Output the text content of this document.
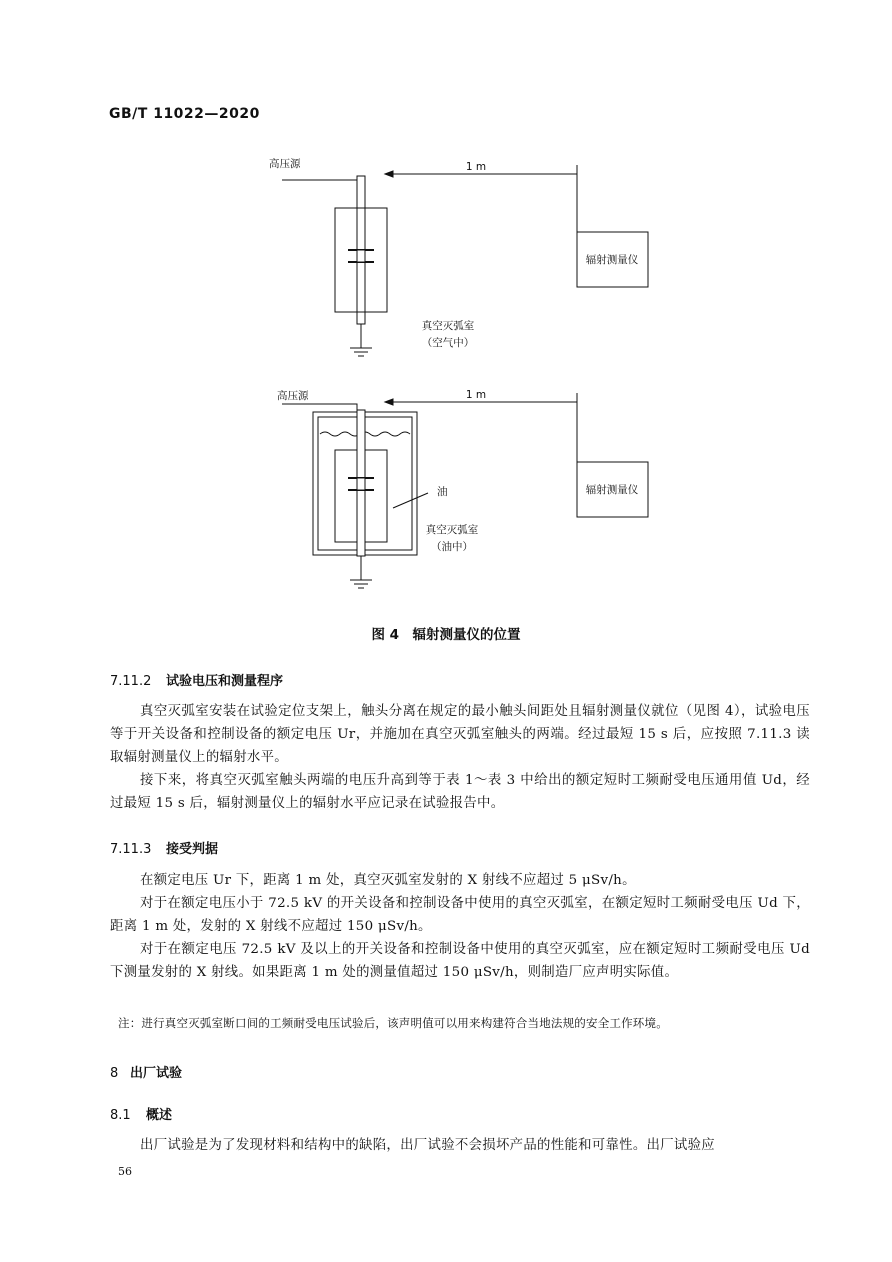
GB/T 11022—2020
高压源	1 m
辐射测量仪
真空灭弧室
（空气中）
高压源	1 m
辐射测量仪
油
真空灭弧室
（油中）
图 4　辐射测量仪的位置
7.11.2 试验电压和测量程序

真空灭弧室安装在试验定位支架上，触头分离在规定的最小触头间距处且辐射测量仪就位（见图 4），试验电压等于开关设备和控制设备的额定电压 Ur，并施加在真空灭弧室触头的两端。经过最短 15 s 后，应按照 7.11.3 读取辐射测量仪上的辐射水平。

接下来，将真空灭弧室触头两端的电压升高到等于表 1～表 3 中给出的额定短时工频耐受电压通用值 Ud，经过最短 15 s 后，辐射测量仪上的辐射水平应记录在试验报告中。

7.11.3 接受判据

在额定电压 Ur 下，距离 1 m 处，真空灭弧室发射的 X 射线不应超过 5 μSv/h。

对于在额定电压小于 72.5 kV 的开关设备和控制设备中使用的真空灭弧室，在额定短时工频耐受电压 Ud 下，距离 1 m 处，发射的 X 射线不应超过 150 μSv/h。

对于在额定电压 72.5 kV 及以上的开关设备和控制设备中使用的真空灭弧室，应在额定短时工频耐受电压 Ud 下测量发射的 X 射线。如果距离 1 m 处的测量值超过 150 μSv/h，则制造厂应声明实际值。

注：进行真空灭弧室断口间的工频耐受电压试验后，该声明值可以用来构建符合当地法规的安全工作环境。
8 出厂试验
8.1 概述

出厂试验是为了发现材料和结构中的缺陷，出厂试验不会损坏产品的性能和可靠性。出厂试验应

56
